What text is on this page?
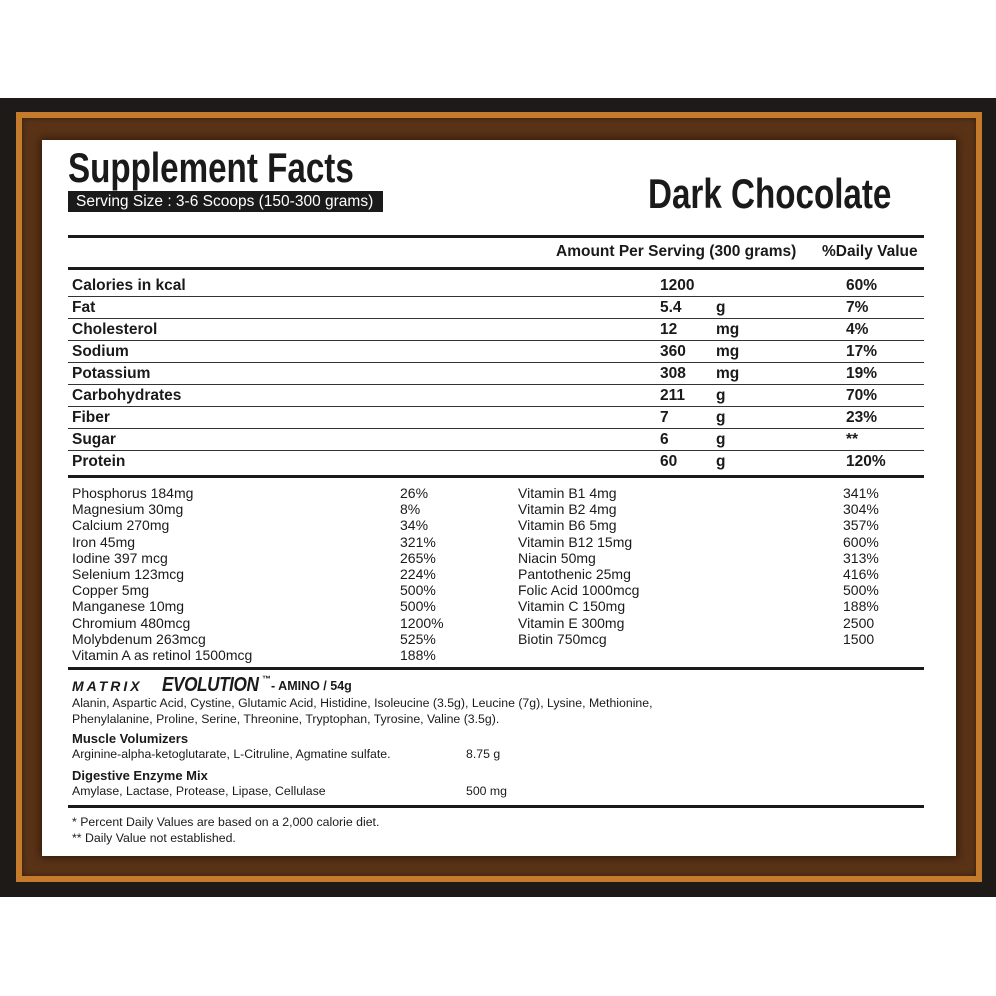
Supplement Facts
Serving Size : 3-6 Scoops (150-300 grams)	Dark Chocolate
Amount Per Serving (300 grams) %Daily Value
Calories in kcal	1200	60%
Fat	5.4 g	7%
Cholesterol	12	mg	4%
Sodium	360 mg	17%
Potassium	308 mg	19%
Carbohydrates	211 g	70%
Fiber	7	g	23%
Sugar	6	g	**
Protein	60	g	120%
Phosphorus 184mg	26%
Magnesium 30mg	8%
Calcium 270mg	34%
Iron 45mg	321%
Iodine 397 mcg	265%
Selenium 123mcg	224%
Copper 5mg	500%
Manganese 10mg	500%
Chromium 480mcg	1200%
Molybdenum 263mcg	525%
Vitamin A as retinol 1500mcg	188%
Vitamin B1 4mg	341%
Vitamin B2 4mg	304%
Vitamin B6 5mg	357%
Vitamin B12 15mg	600%
Niacin 50mg	313%
Pantothenic 25mg	416%
Folic Acid 1000mcg	500%
Vitamin C 150mg	188%
Vitamin E 300mg	2500
Biotin 750mcg	1500
MATRIX EVOLUTION ™ - AMINO / 54g
Alanin, Aspartic Acid, Cystine, Glutamic Acid, Histidine, Isoleucine (3.5g), Leucine (7g), Lysine, Methionine,
Phenylalanine, Proline, Serine, Threonine, Tryptophan, Tyrosine, Valine (3.5g).
Muscle Volumizers
Arginine-alpha-ketoglutarate, L-Citruline, Agmatine sulfate.	8.75 g
Digestive Enzyme Mix
Amylase, Lactase, Protease, Lipase, Cellulase	500 mg
* Percent Daily Values are based on a 2,000 calorie diet.
** Daily Value not established.
